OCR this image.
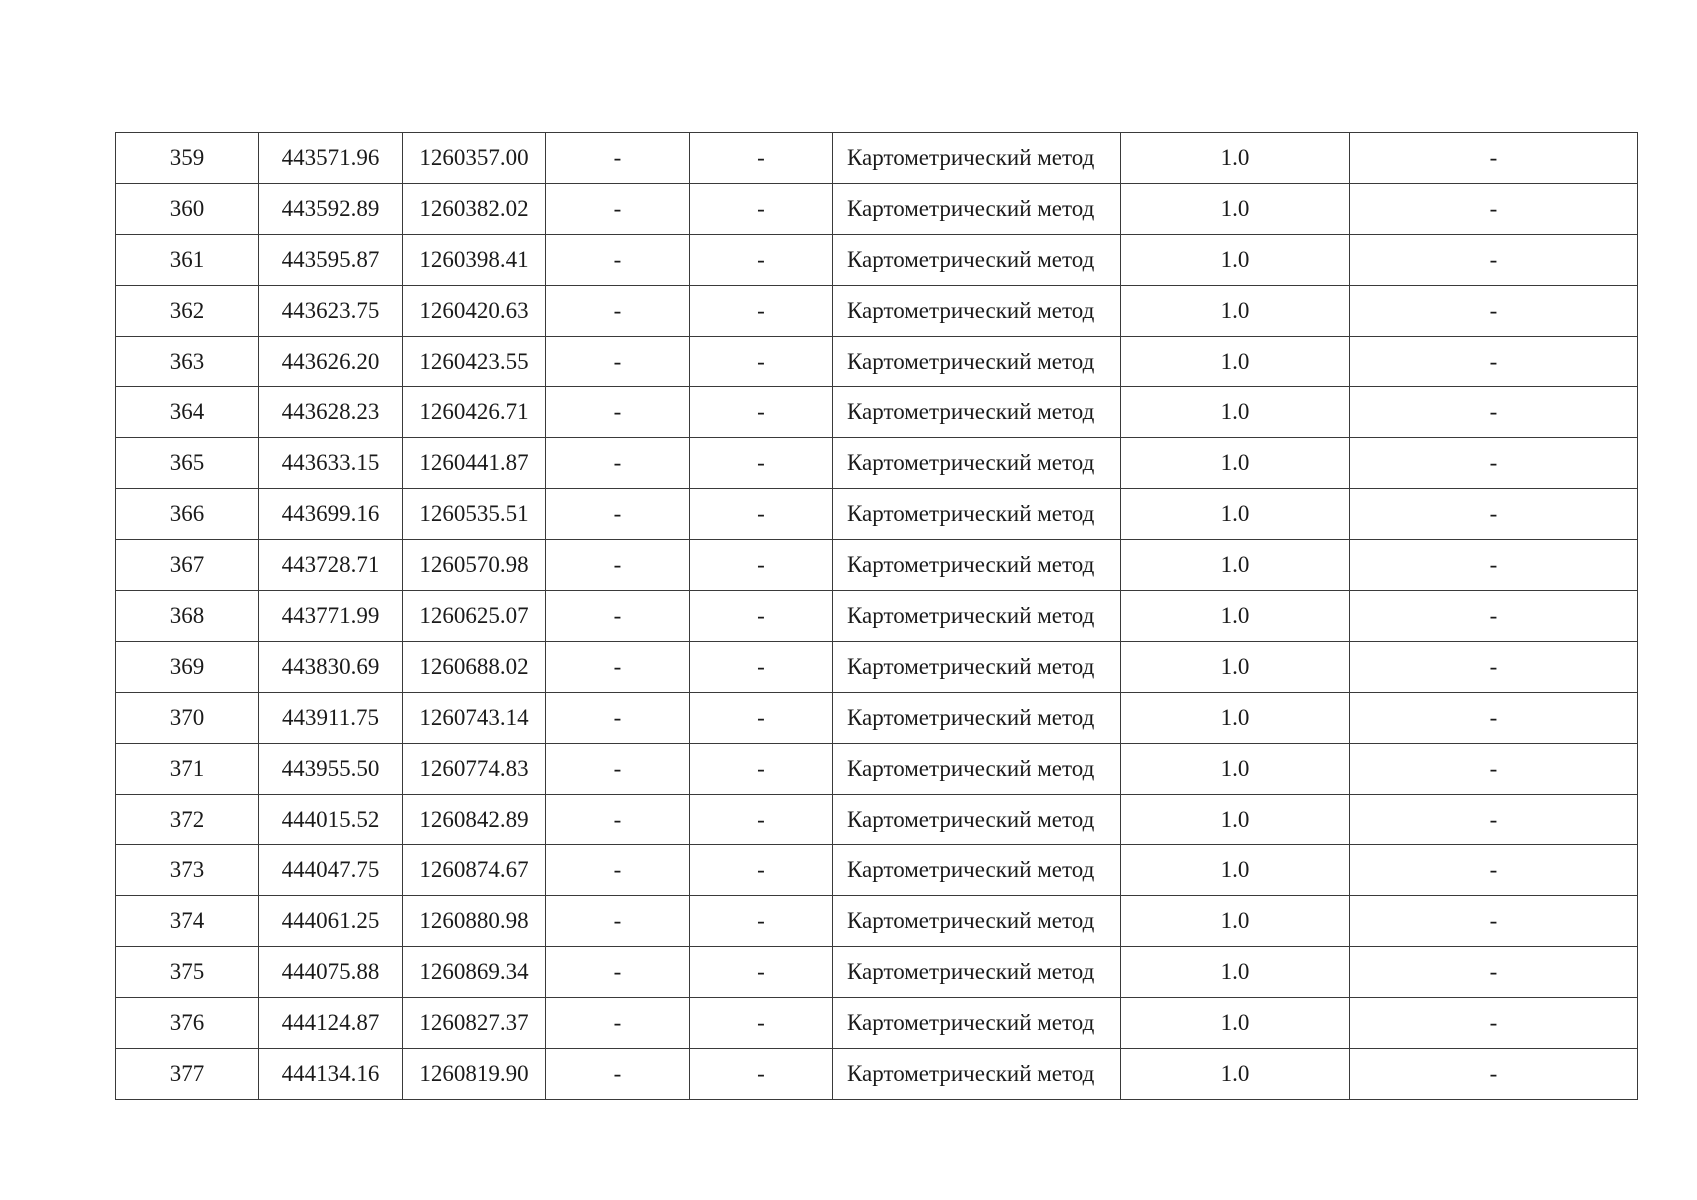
359	443571.96	1260357.00	-	-	Картометрический метод	1.0	-
360	443592.89	1260382.02	-	-	Картометрический метод	1.0	-
361	443595.87	1260398.41	-	-	Картометрический метод	1.0	-
362	443623.75	1260420.63	-	-	Картометрический метод	1.0	-
363	443626.20	1260423.55	-	-	Картометрический метод	1.0	-
364	443628.23	1260426.71	-	-	Картометрический метод	1.0	-
365	443633.15	1260441.87	-	-	Картометрический метод	1.0	-
366	443699.16	1260535.51	-	-	Картометрический метод	1.0	-
367	443728.71	1260570.98	-	-	Картометрический метод	1.0	-
368	443771.99	1260625.07	-	-	Картометрический метод	1.0	-
369	443830.69	1260688.02	-	-	Картометрический метод	1.0	-
370	443911.75	1260743.14	-	-	Картометрический метод	1.0	-
371	443955.50	1260774.83	-	-	Картометрический метод	1.0	-
372	444015.52	1260842.89	-	-	Картометрический метод	1.0	-
373	444047.75	1260874.67	-	-	Картометрический метод	1.0	-
374	444061.25	1260880.98	-	-	Картометрический метод	1.0	-
375	444075.88	1260869.34	-	-	Картометрический метод	1.0	-
376	444124.87	1260827.37	-	-	Картометрический метод	1.0	-
377	444134.16	1260819.90	-	-	Картометрический метод	1.0	-
